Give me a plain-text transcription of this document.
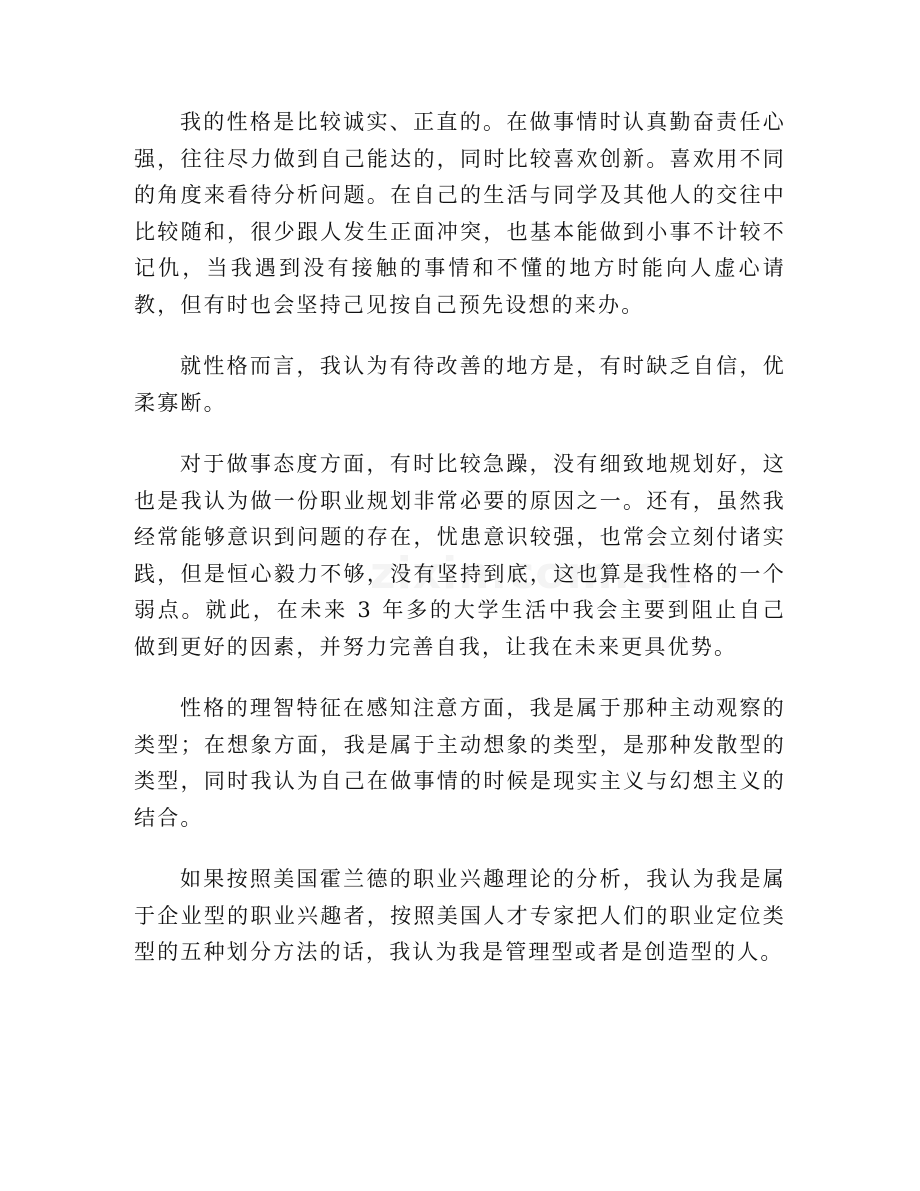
我的性格是比较诚实、正直的。在做事情时认真勤奋责任心强，往往尽力做到自己能达的，同时比较喜欢创新。喜欢用不同的角度来看待分析问题。在自己的生活与同学及其他人的交往中比较随和，很少跟人发生正面冲突，也基本能做到小事不计较不记仇，当我遇到没有接触的事情和不懂的地方时能向人虚心请教，但有时也会坚持己见按自己预先设想的来办。

就性格而言，我认为有待改善的地方是，有时缺乏自信，优柔寡断。

对于做事态度方面，有时比较急躁，没有细致地规划好，这也是我认为做一份职业规划非常必要的原因之一。还有，虽然我经常能够意识到问题的存在，忧患意识较强，也常会立刻付诸实践，但是恒心毅力不够，没有坚持到底，这也算是我性格的一个弱点。就此，在未来 3 年多的大学生活中我会主要到阻止自己做到更好的因素，并努力完善自我，让我在未来更具优势。

性格的理智特征在感知注意方面，我是属于那种主动观察的类型；在想象方面，我是属于主动想象的类型，是那种发散型的类型，同时我认为自己在做事情的时候是现实主义与幻想主义的结合。

如果按照美国霍兰德的职业兴趣理论的分析，我认为我是属于企业型的职业兴趣者，按照美国人才专家把人们的职业定位类型的五种划分方法的话，我认为我是管理型或者是创造型的人。
